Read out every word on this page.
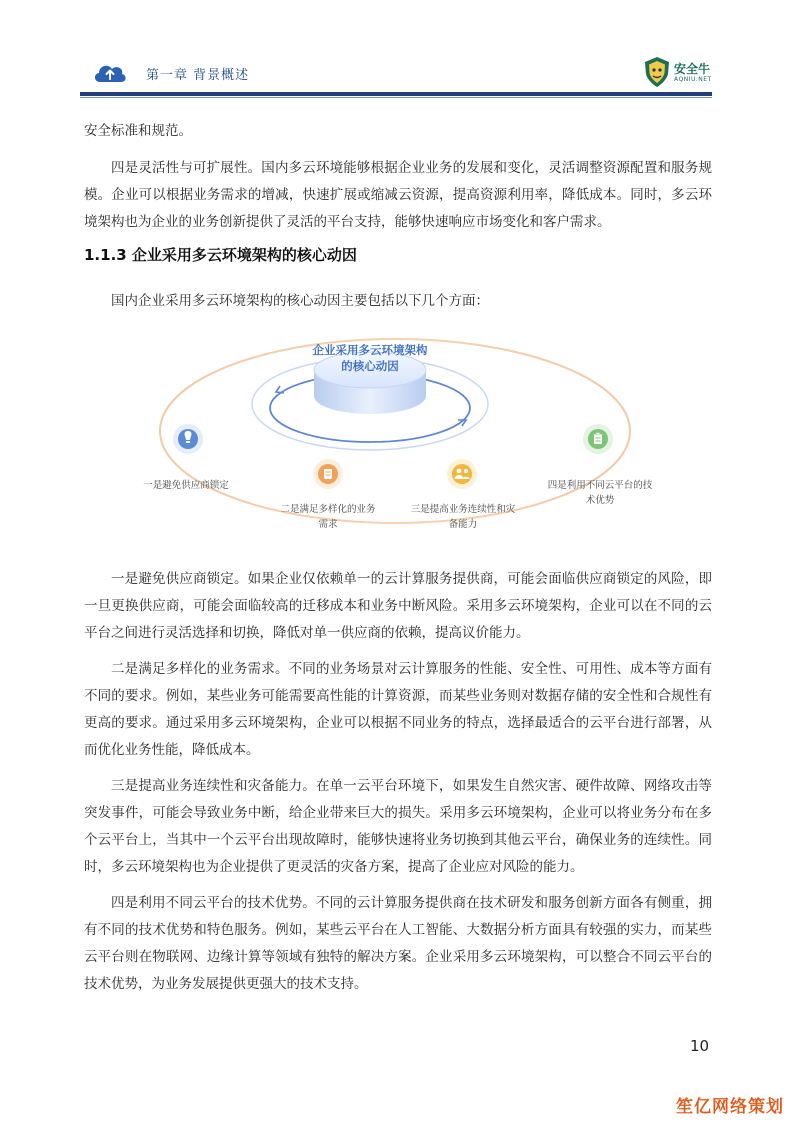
第一章 背景概述	安全牛
AQNIU.NET
安全标准和规范。
四是灵活性与可扩展性。国内多云环境能够根据企业业务的发展和变化，灵活调整资源配置和服务规模。企业可以根据业务需求的增减，快速扩展或缩减云资源，提高资源利用率，降低成本。同时，多云环境架构也为企业的业务创新提供了灵活的平台支持，能够快速响应市场变化和客户需求。
1.1.3 企业采用多云环境架构的核心动因
国内企业采用多云环境架构的核心动因主要包括以下几个方面：
企业采用多云环境架构
的核心动因
一是避免供应商锁定
二是满足多样化的业务
需求
三是提高业务连续性和灾
备能力
四是利用不同云平台的技
术优势
一是避免供应商锁定。如果企业仅依赖单一的云计算服务提供商，可能会面临供应商锁定的风险，即一旦更换供应商，可能会面临较高的迁移成本和业务中断风险。采用多云环境架构，企业可以在不同的云平台之间进行灵活选择和切换，降低对单一供应商的依赖，提高议价能力。
二是满足多样化的业务需求。不同的业务场景对云计算服务的性能、安全性、可用性、成本等方面有不同的要求。例如，某些业务可能需要高性能的计算资源，而某些业务则对数据存储的安全性和合规性有更高的要求。通过采用多云环境架构，企业可以根据不同业务的特点，选择最适合的云平台进行部署，从而优化业务性能，降低成本。
三是提高业务连续性和灾备能力。在单一云平台环境下，如果发生自然灾害、硬件故障、网络攻击等突发事件，可能会导致业务中断，给企业带来巨大的损失。采用多云环境架构，企业可以将业务分布在多个云平台上，当其中一个云平台出现故障时，能够快速将业务切换到其他云平台，确保业务的连续性。同时，多云环境架构也为企业提供了更灵活的灾备方案，提高了企业应对风险的能力。
四是利用不同云平台的技术优势。不同的云计算服务提供商在技术研发和服务创新方面各有侧重，拥有不同的技术优势和特色服务。例如，某些云平台在人工智能、大数据分析方面具有较强的实力，而某些云平台则在物联网、边缘计算等领域有独特的解决方案。企业采用多云环境架构，可以整合不同云平台的技术优势，为业务发展提供更强大的技术支持。
10
笙亿网络策划
